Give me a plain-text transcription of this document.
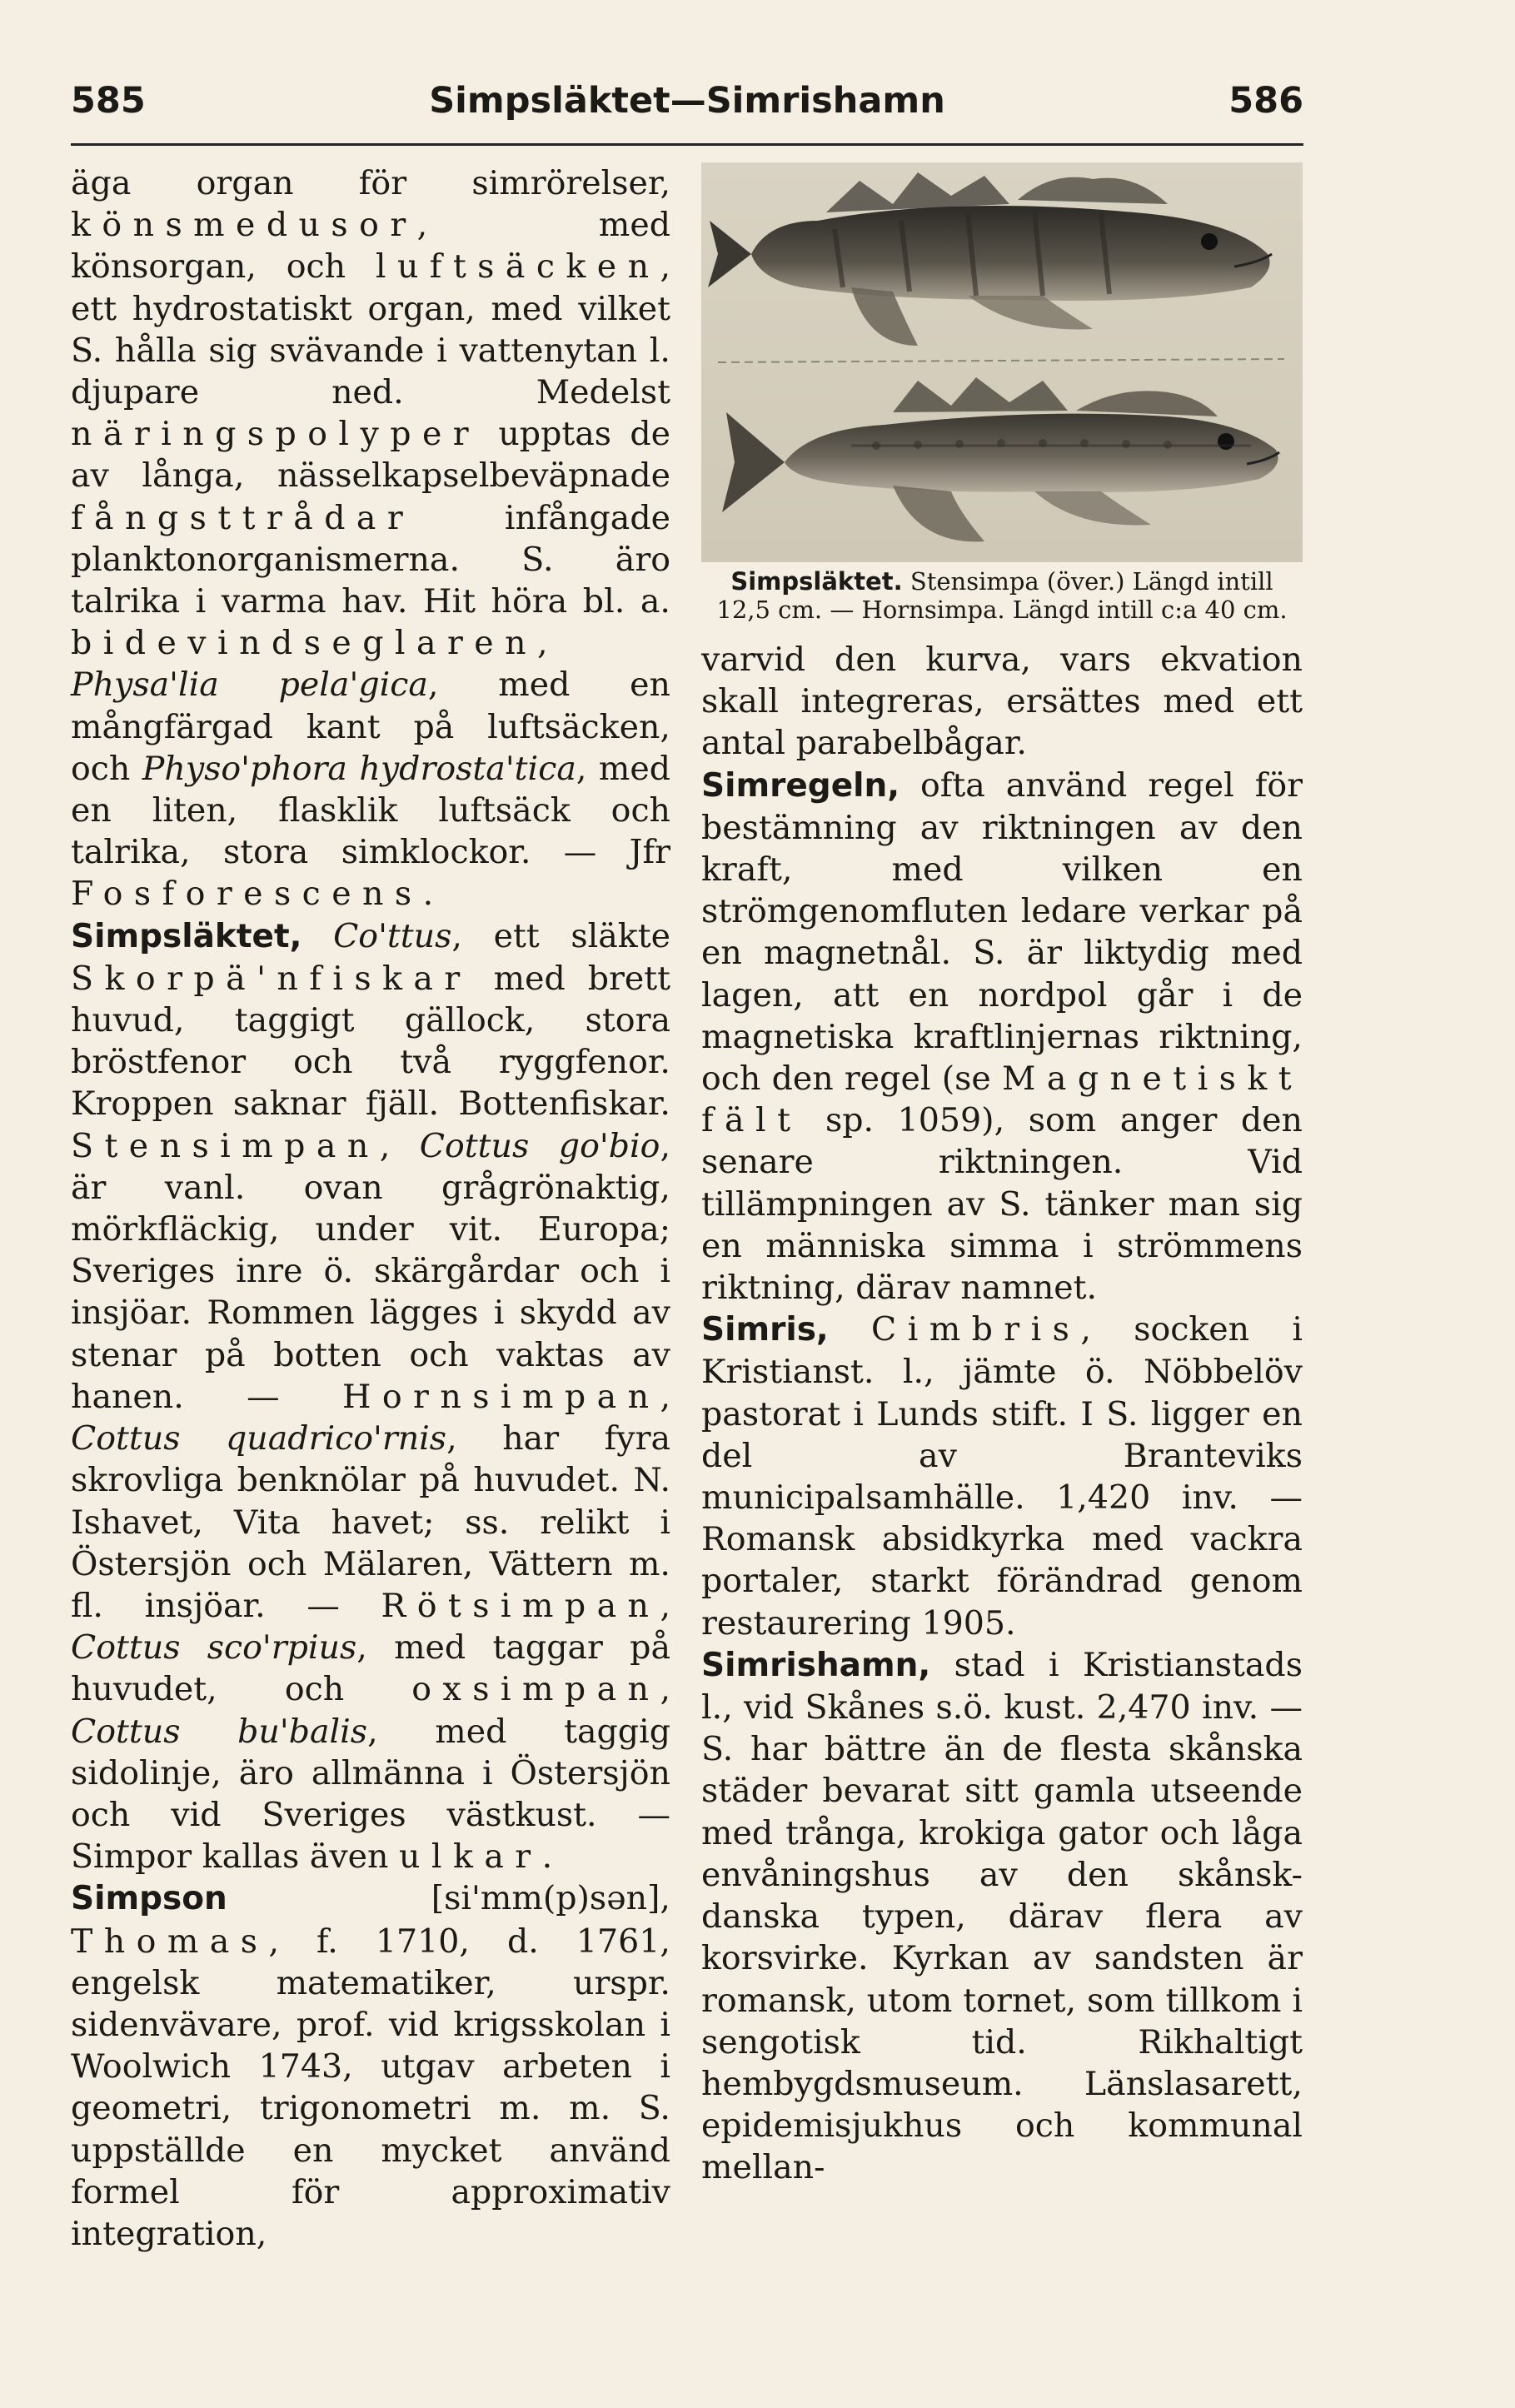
585	Simpsläktet—Simrishamn	586

äga organ för simrörelser, könsmedusor, med könsorgan, och luftsäcken, ett hydrostatiskt organ, med vilket S. hålla sig svävande i vattenytan l. djupare ned. Medelst näringspolyper upptas de av långa, nässelkapselbeväpnade fångsttrådar infångade planktonorganismerna. S. äro talrika i varma hav. Hit höra bl. a. bidevindseglaren, Physa'lia pela'gica, med en mångfärgad kant på luftsäcken, och Physo'phora hydrosta'tica, med en liten, flasklik luftsäck och talrika, stora simklockor. — Jfr Fosforescens.

Simpsläktet, Co'ttus, ett släkte Skorpä'nfiskar med brett huvud, taggigt gällock, stora bröstfenor och två ryggfenor. Kroppen saknar fjäll. Bottenfiskar. Stensimpan, Cottus go'bio, är vanl. ovan grågrönaktig, mörkfläckig, under vit. Europa; Sveriges inre ö. skärgårdar och i insjöar. Rommen lägges i skydd av stenar på botten och vaktas av hanen. — Hornsimpan, Cottus quadrico'rnis, har fyra skrovliga benknölar på huvudet. N. Ishavet, Vita havet; ss. relikt i Östersjön och Mälaren, Vättern m. fl. insjöar. — Rötsimpan, Cottus sco'rpius, med taggar på huvudet, och oxsimpan, Cottus bu'balis, med taggig sidolinje, äro allmänna i Östersjön och vid Sveriges västkust. — Simpor kallas även ulkar.

Simpson [si'mm(p)sən], Thomas, f. 1710, d. 1761, engelsk matematiker, urspr. sidenvävare, prof. vid krigsskolan i Woolwich 1743, utgav arbeten i geometri, trigonometri m. m. S. uppställde en mycket använd formel för approximativ integration,

Simpsläktet. Stensimpa (över.) Längd intill 12,5 cm. — Hornsimpa. Längd intill c:a 40 cm.

varvid den kurva, vars ekvation skall integreras, ersättes med ett antal parabelbågar.

Simregeln, ofta använd regel för bestämning av riktningen av den kraft, med vilken en strömgenomfluten ledare verkar på en magnetnål. S. är liktydig med lagen, att en nordpol går i de magnetiska kraftlinjernas riktning, och den regel (se Magnetiskt fält sp. 1059), som anger den senare riktningen. Vid tillämpningen av S. tänker man sig en människa simma i strömmens riktning, därav namnet.

Simris, Cimbris, socken i Kristianst. l., jämte ö. Nöbbelöv pastorat i Lunds stift. I S. ligger en del av Branteviks municipalsamhälle. 1,420 inv. — Romansk absidkyrka med vackra portaler, starkt förändrad genom restaurering 1905.

Simrishamn, stad i Kristianstads l., vid Skånes s.ö. kust. 2,470 inv. — S. har bättre än de flesta skånska städer bevarat sitt gamla utseende med trånga, krokiga gator och låga envåningshus av den skånsk-danska typen, därav flera av korsvirke. Kyrkan av sandsten är romansk, utom tornet, som tillkom i sengotisk tid. Rikhaltigt hembygdsmuseum. Länslasarett, epidemisjukhus och kommunal mellan-
